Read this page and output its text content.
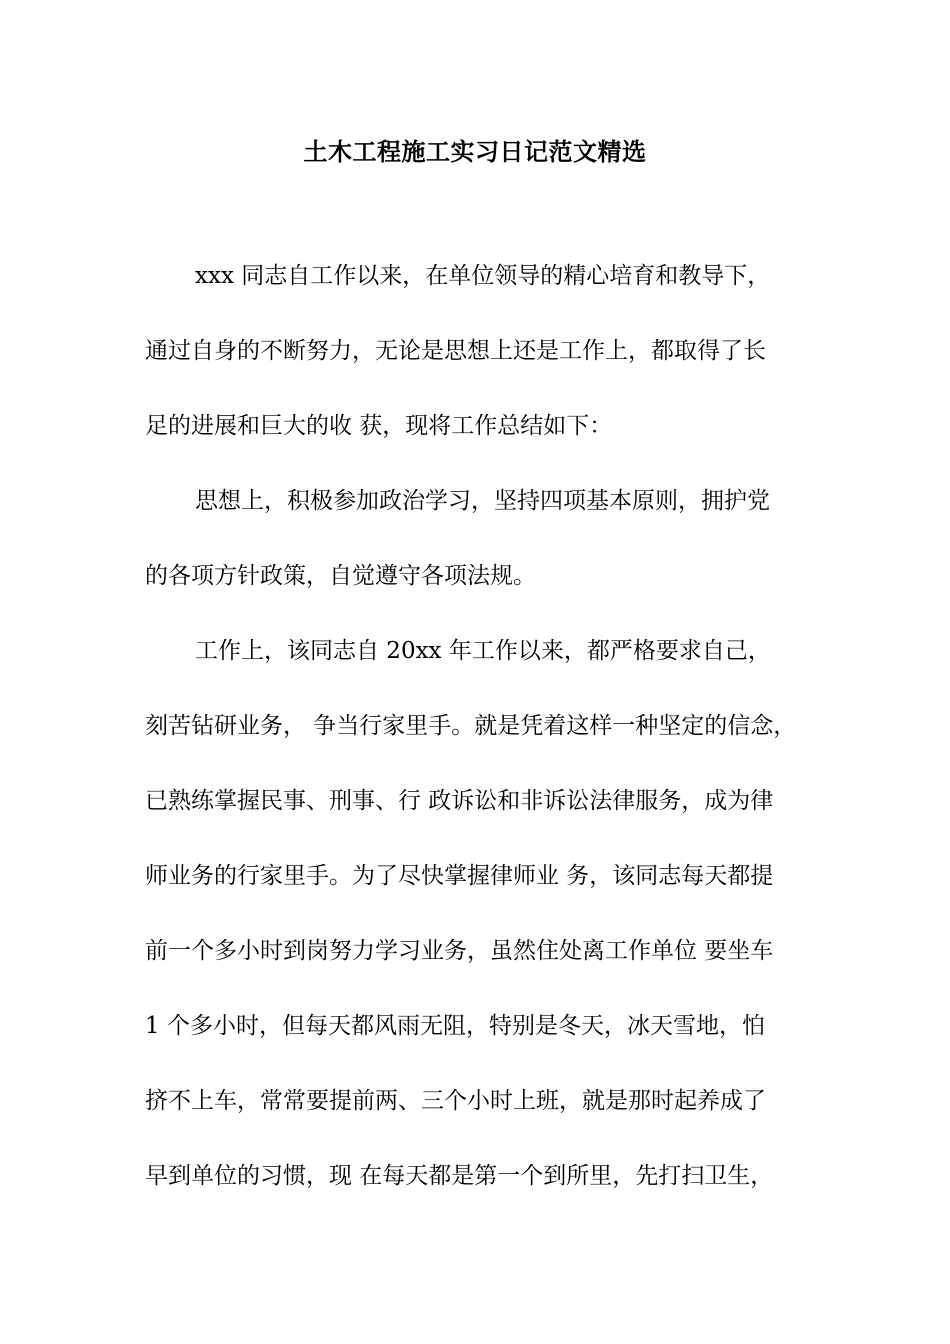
土木工程施工实习日记范文精选
xxx 同志自工作以来，在单位领导的精心培育和教导下，
通过自身的不断努力，无论是思想上还是工作上，都取得了长
足的进展和巨大的收 获，现将工作总结如下：
思想上，积极参加政治学习，坚持四项基本原则，拥护党
的各项方针政策，自觉遵守各项法规。
工作上，该同志自 20xx 年工作以来，都严格要求自己，
刻苦钻研业务， 争当行家里手。就是凭着这样一种坚定的信念，
已熟练掌握民事、刑事、行 政诉讼和非诉讼法律服务，成为律
师业务的行家里手。为了尽快掌握律师业 务，该同志每天都提
前一个多小时到岗努力学习业务，虽然住处离工作单位 要坐车
1 个多小时，但每天都风雨无阻，特别是冬天，冰天雪地，怕
挤不上车，常常要提前两、三个小时上班，就是那时起养成了
早到单位的习惯，现 在每天都是第一个到所里，先打扫卫生，
